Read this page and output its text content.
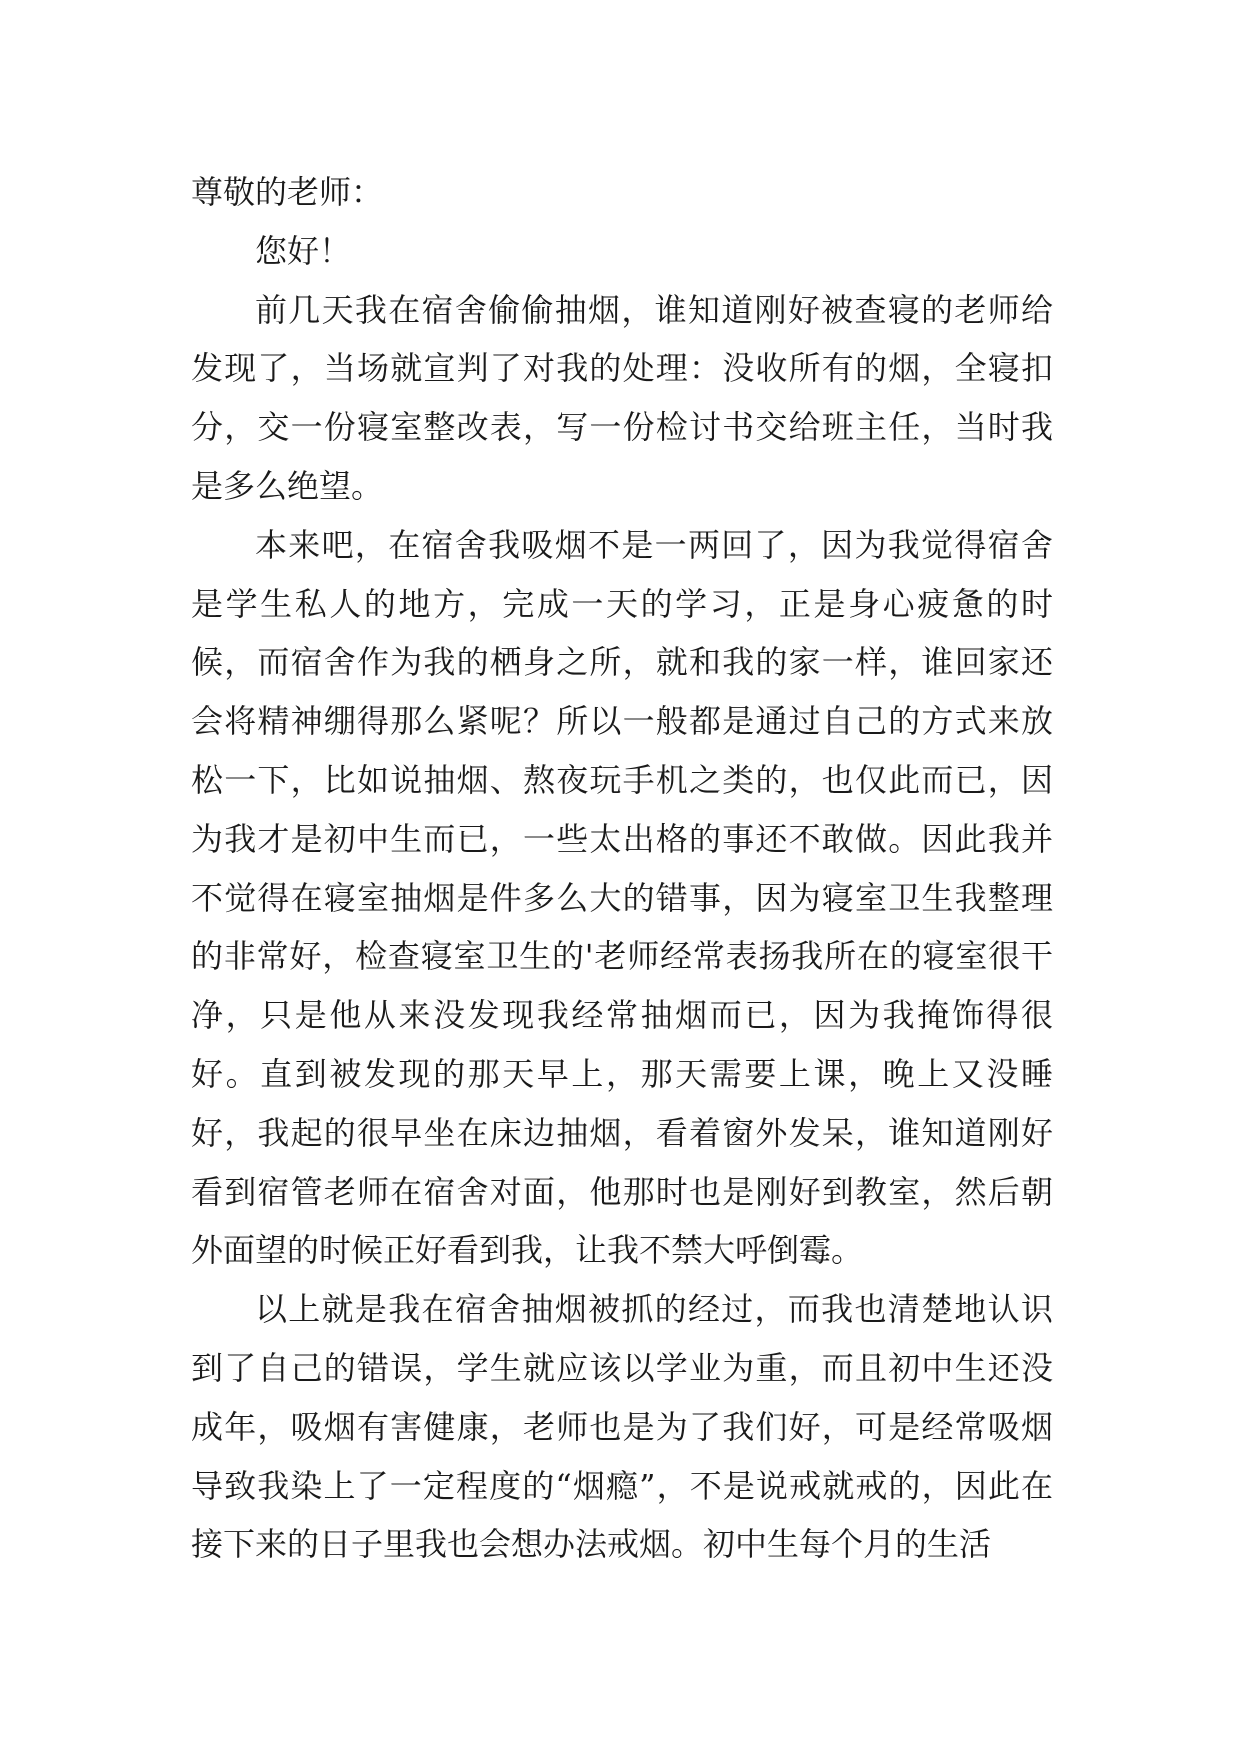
尊敬的老师：

您好！

前几天我在宿舍偷偷抽烟，谁知道刚好被查寝的老师给发现了，当场就宣判了对我的处理：没收所有的烟，全寝扣分，交一份寝室整改表，写一份检讨书交给班主任，当时我是多么绝望。

本来吧，在宿舍我吸烟不是一两回了，因为我觉得宿舍是学生私人的地方，完成一天的学习，正是身心疲惫的时候，而宿舍作为我的栖身之所，就和我的家一样，谁回家还会将精神绷得那么紧呢？所以一般都是通过自己的方式来放松一下，比如说抽烟、熬夜玩手机之类的，也仅此而已，因为我才是初中生而已，一些太出格的事还不敢做。因此我并不觉得在寝室抽烟是件多么大的错事，因为寝室卫生我整理的非常好，检查寝室卫生的'老师经常表扬我所在的寝室很干净，只是他从来没发现我经常抽烟而已，因为我掩饰得很好。直到被发现的那天早上，那天需要上课，晚上又没睡好，我起的很早坐在床边抽烟，看着窗外发呆，谁知道刚好看到宿管老师在宿舍对面，他那时也是刚好到教室，然后朝外面望的时候正好看到我，让我不禁大呼倒霉。

以上就是我在宿舍抽烟被抓的经过，而我也清楚地认识到了自己的错误，学生就应该以学业为重，而且初中生还没成年，吸烟有害健康，老师也是为了我们好，可是经常吸烟导致我染上了一定程度的“烟瘾”，不是说戒就戒的，因此在接下来的日子里我也会想办法戒烟。初中生每个月的生活
